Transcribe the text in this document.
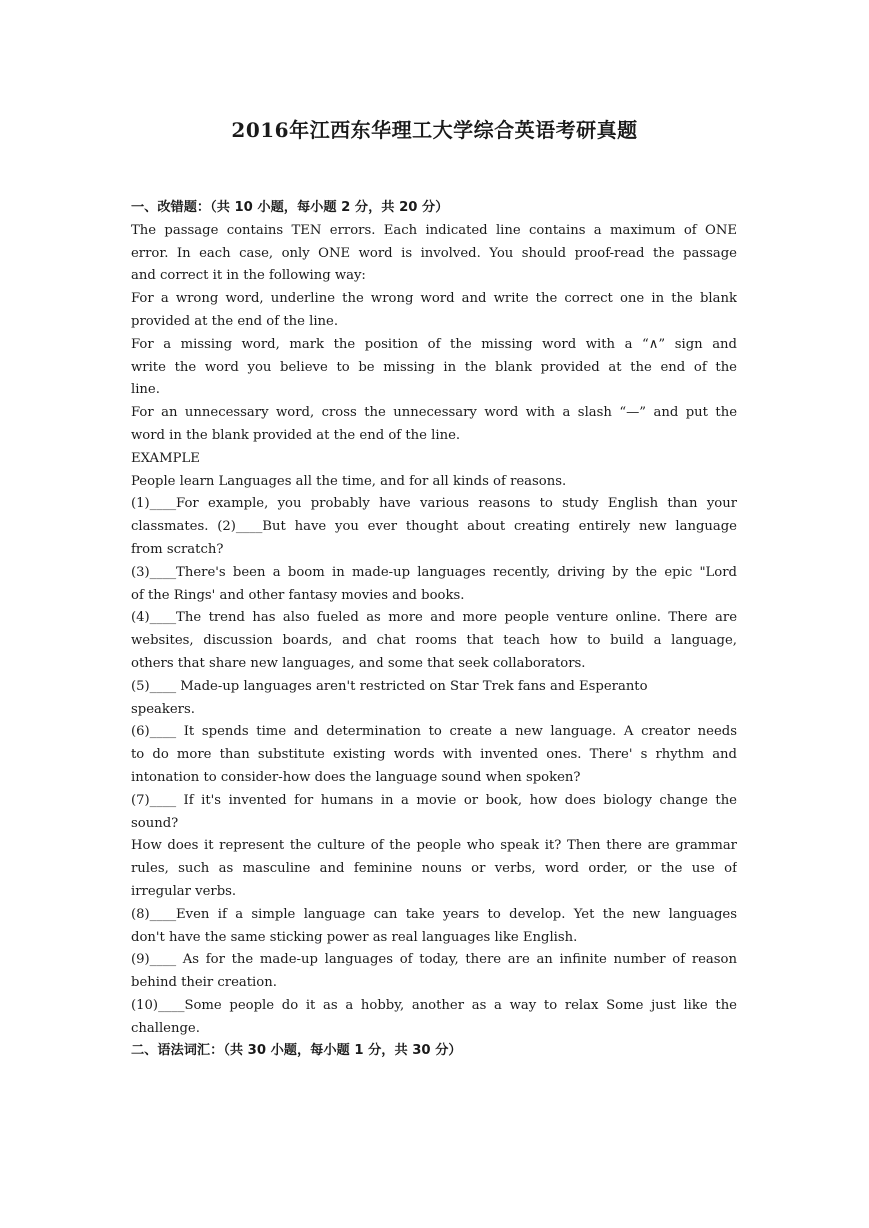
2016年江西东华理工大学综合英语考研真题
一、改错题：（共 10 小题，每小题 2 分，共 20 分）
The passage contains TEN errors. Each indicated line contains a maximum of ONE
error. In each case, only ONE word is involved. You should proof-read the passage
and correct it in the following way:
For a wrong word, underline the wrong word and write the correct one in the blank
provided at the end of the line.
For a missing word, mark the position of the missing word with a “∧” sign and
write the word you believe to be missing in the blank provided at the end of the
line.
For an unnecessary word, cross the unnecessary word with a slash “—” and put the
word in the blank provided at the end of the line.
EXAMPLE
People learn Languages all the time, and for all kinds of reasons.
(1)____For example, you probably have various reasons to study English than your
classmates. (2)____But have you ever thought about creating entirely new language
from scratch?
(3)____There's been a boom in made-up languages recently, driving by the epic "Lord
of the Rings' and other fantasy movies and books.
(4)____The trend has also fueled as more and more people venture online. There are
websites, discussion boards, and chat rooms that teach how to build a language,
others that share new languages, and some that seek collaborators.
(5)____ Made-up languages aren't restricted on Star Trek fans and Esperanto
speakers.
(6)____ It spends time and determination to create a new language. A creator needs
to do more than substitute existing words with invented ones. There' s rhythm and
intonation to consider-how does the language sound when spoken?
(7)____ If it's invented for humans in a movie or book, how does biology change the
sound?
How does it represent the culture of the people who speak it? Then there are grammar
rules, such as masculine and feminine nouns or verbs, word order, or the use of
irregular verbs.
(8)____Even if a simple language can take years to develop. Yet the new languages
don't have the same sticking power as real languages like English.
(9)____ As for the made-up languages of today, there are an infinite number of reason
behind their creation.
(10)____Some people do it as a hobby, another as a way to relax Some just like the
challenge.
二、语法词汇：（共 30 小题，每小题 1 分，共 30 分）
